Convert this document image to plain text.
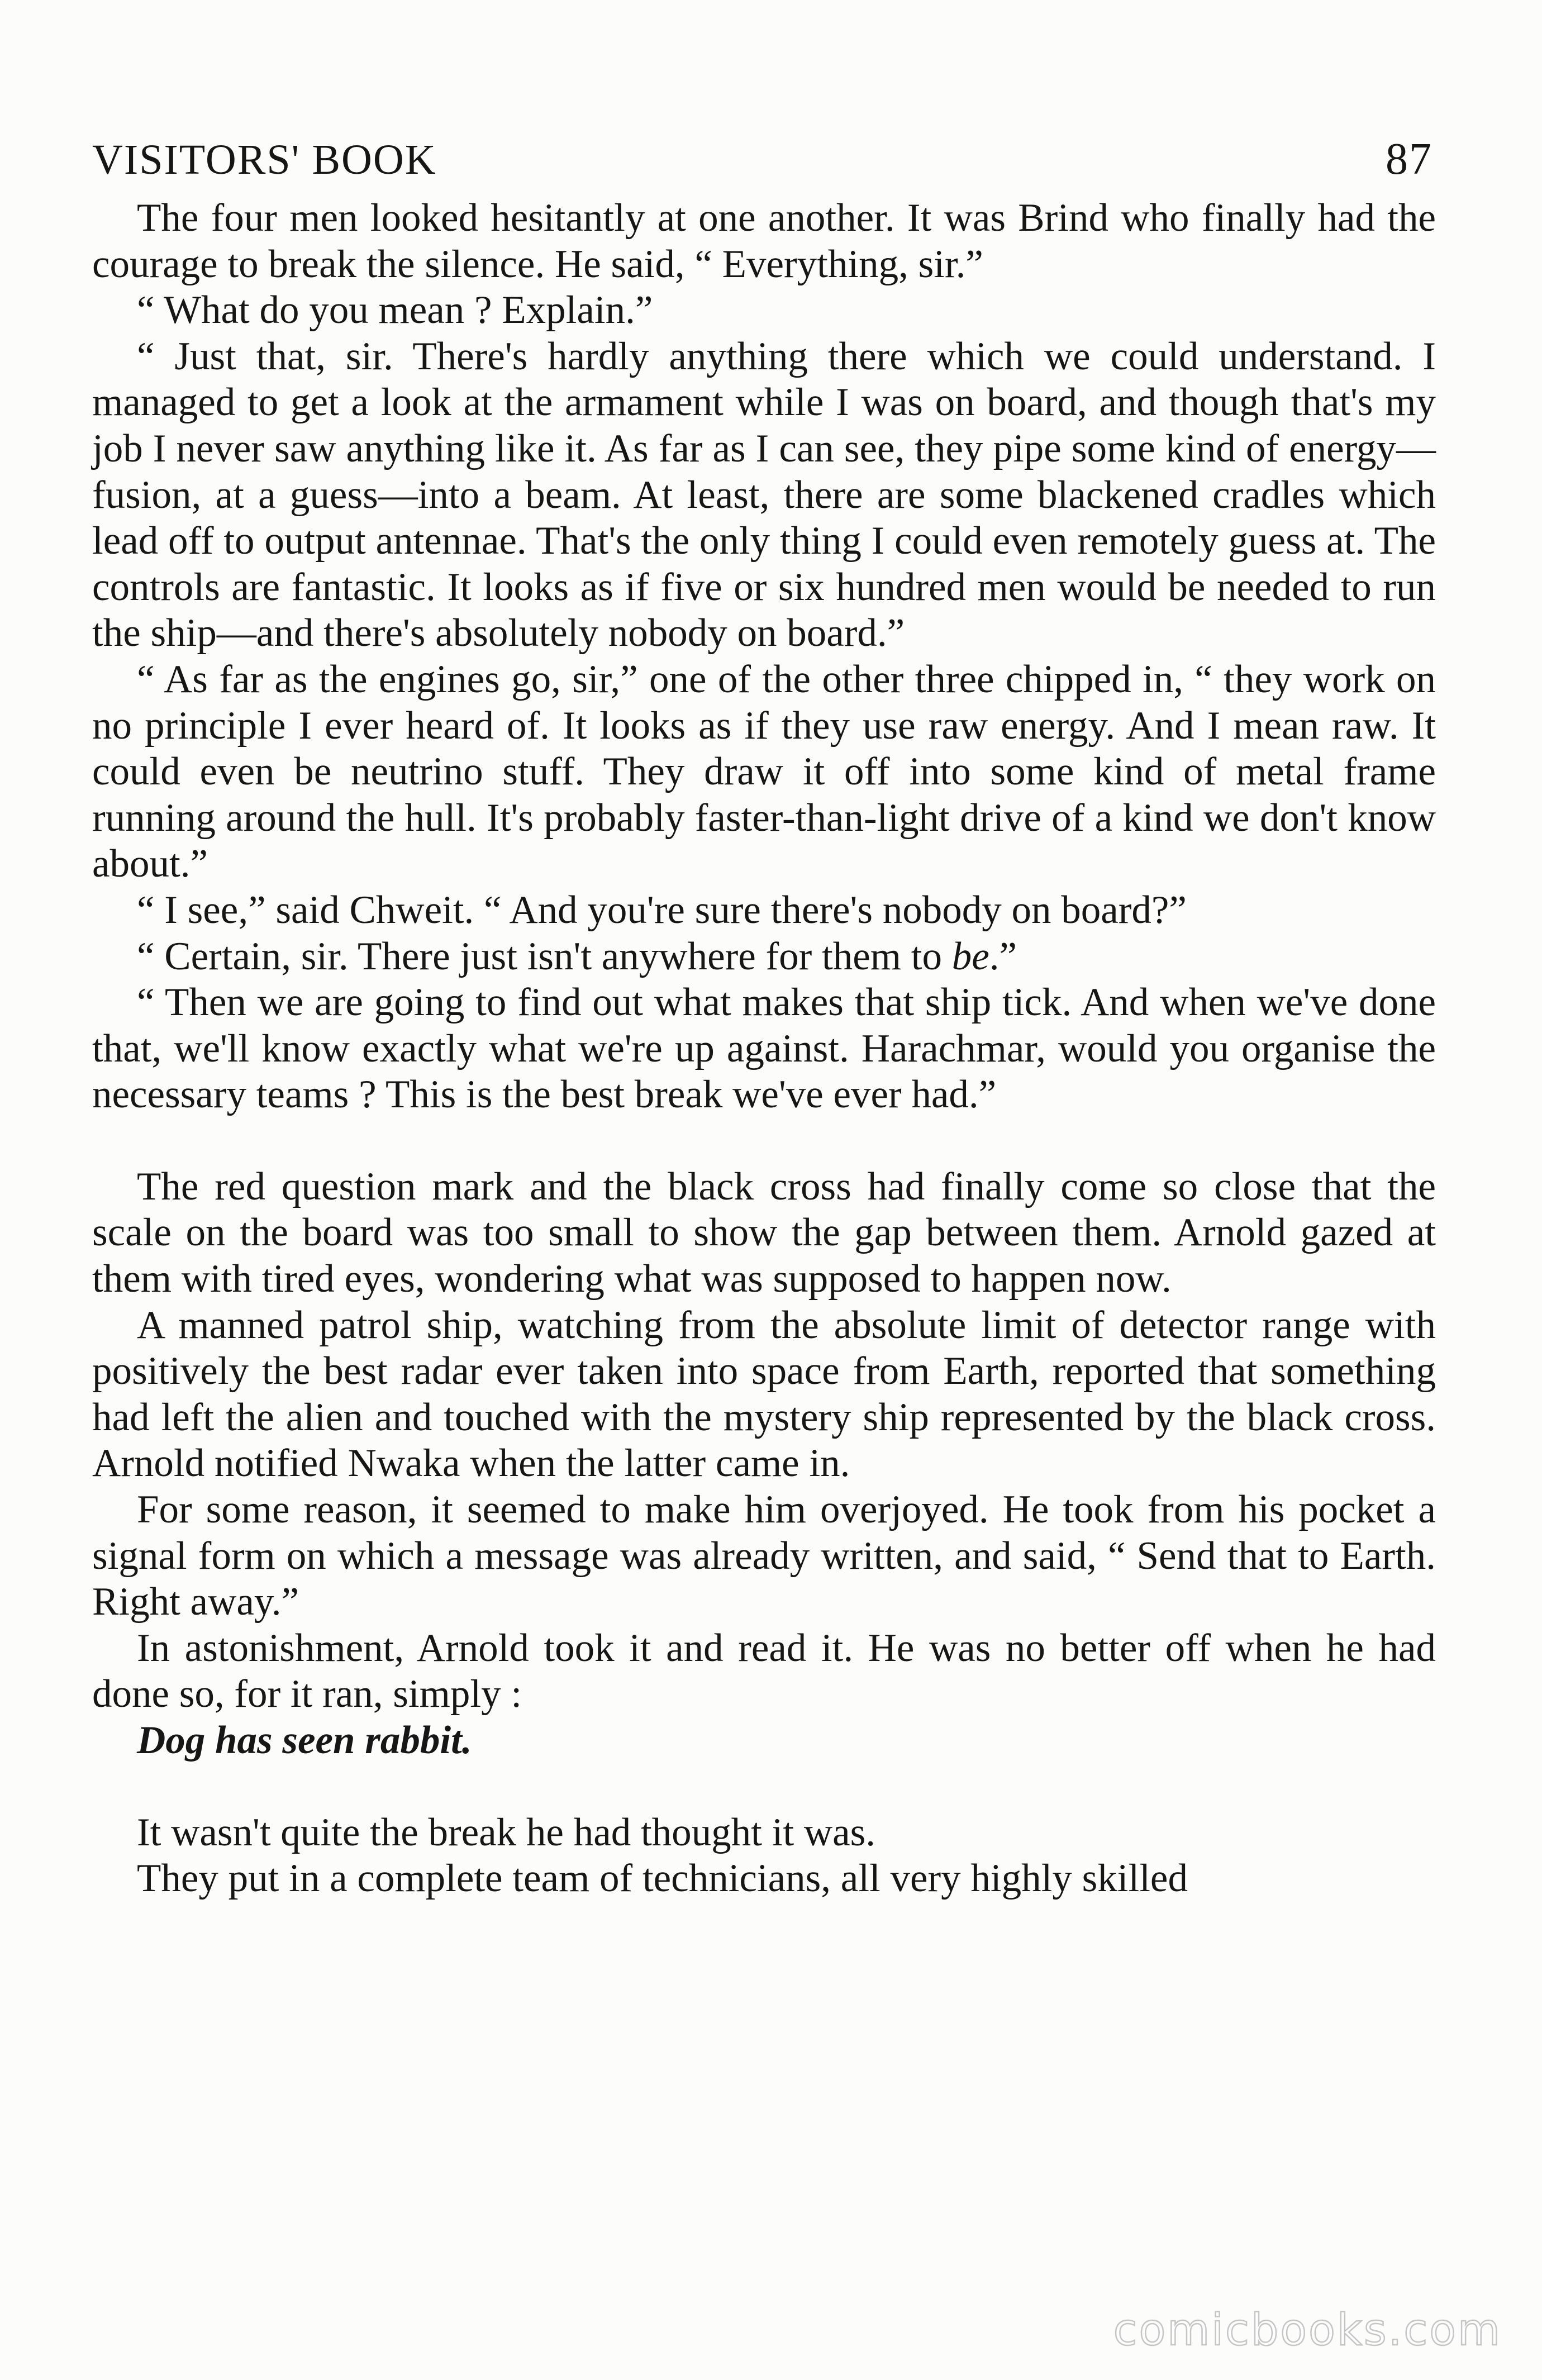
VISITORS' BOOK	87

The four men looked hesitantly at one another. It was Brind who finally had the courage to break the silence. He said, “ Everything, sir.”

“ What do you mean ? Explain.”

“ Just that, sir. There's hardly anything there which we could understand. I managed to get a look at the armament while I was on board, and though that's my job I never saw anything like it. As far as I can see, they pipe some kind of energy—fusion, at a guess—into a beam. At least, there are some blackened cradles which lead off to output antennae. That's the only thing I could even remotely guess at. The controls are fantastic. It looks as if five or six hundred men would be needed to run the ship—and there's absolutely nobody on board.”

“ As far as the engines go, sir,” one of the other three chipped in, “ they work on no principle I ever heard of. It looks as if they use raw energy. And I mean raw. It could even be neutrino stuff. They draw it off into some kind of metal frame running around the hull. It's probably faster-than-light drive of a kind we don't know about.”

“ I see,” said Chweit. “ And you're sure there's nobody on board?”

“ Certain, sir. There just isn't anywhere for them to be.”

“ Then we are going to find out what makes that ship tick. And when we've done that, we'll know exactly what we're up against. Harachmar, would you organise the necessary teams ? This is the best break we've ever had.”

The red question mark and the black cross had finally come so close that the scale on the board was too small to show the gap between them. Arnold gazed at them with tired eyes, wondering what was supposed to happen now.

A manned patrol ship, watching from the absolute limit of detector range with positively the best radar ever taken into space from Earth, reported that something had left the alien and touched with the mystery ship represented by the black cross. Arnold notified Nwaka when the latter came in.

For some reason, it seemed to make him overjoyed. He took from his pocket a signal form on which a message was already written, and said, “ Send that to Earth. Right away.”

In astonishment, Arnold took it and read it. He was no better off when he had done so, for it ran, simply :

Dog has seen rabbit.

It wasn't quite the break he had thought it was.

They put in a complete team of technicians, all very highly skilled

comicbooks.com
